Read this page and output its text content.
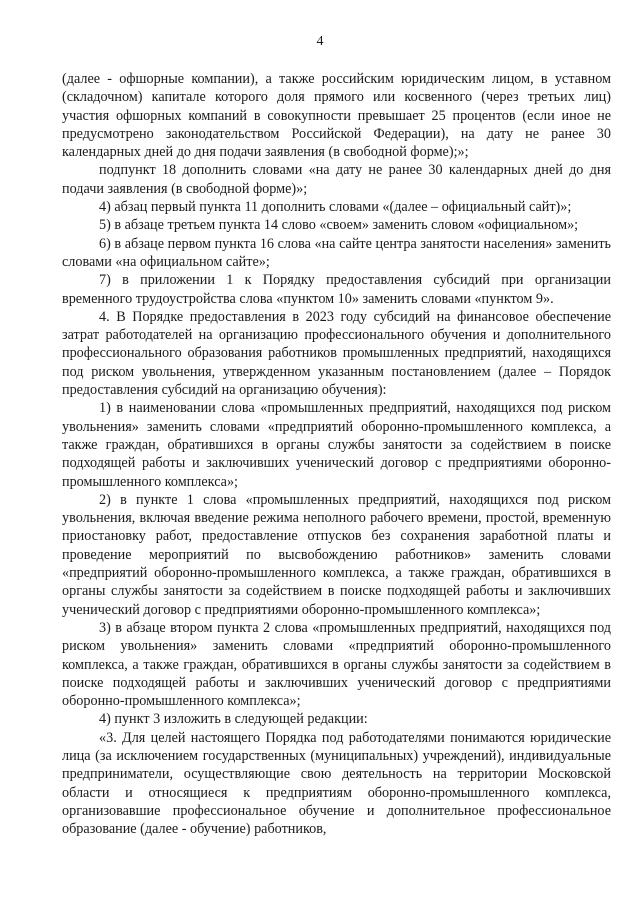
4

(далее - офшорные компании), а также российским юридическим лицом, в уставном (складочном) капитале которого доля прямого или косвенного (через третьих лиц) участия офшорных компаний в совокупности превышает 25 процентов (если иное не предусмотрено законодательством Российской Федерации), на дату не ранее 30 календарных дней до дня подачи заявления (в свободной форме);»;

подпункт 18 дополнить словами «на дату не ранее 30 календарных дней до дня подачи заявления (в свободной форме)»;

4) абзац первый пункта 11 дополнить словами «(далее – официальный сайт)»;

5) в абзаце третьем пункта 14 слово «своем» заменить словом «официальном»;

6) в абзаце первом пункта 16 слова «на сайте центра занятости населения» заменить словами «на официальном сайте»;

7) в приложении 1 к Порядку предоставления субсидий при организации временного трудоустройства слова «пунктом 10» заменить словами «пунктом 9».

4. В Порядке предоставления в 2023 году субсидий на финансовое обеспечение затрат работодателей на организацию профессионального обучения и дополнительного профессионального образования работников промышленных предприятий, находящихся под риском увольнения, утвержденном указанным постановлением (далее – Порядок предоставления субсидий на организацию обучения):

1) в наименовании слова «промышленных предприятий, находящихся под риском увольнения» заменить словами «предприятий оборонно-промышленного комплекса, а также граждан, обратившихся в органы службы занятости за содействием в поиске подходящей работы и заключивших ученический договор с предприятиями оборонно-промышленного комплекса»;

2) в пункте 1 слова «промышленных предприятий, находящихся под риском увольнения, включая введение режима неполного рабочего времени, простой, временную приостановку работ, предоставление отпусков без сохранения заработной платы и проведение мероприятий по высвобождению работников» заменить словами «предприятий оборонно-промышленного комплекса, а также граждан, обратившихся в органы службы занятости за содействием в поиске подходящей работы и заключивших ученический договор с предприятиями оборонно-промышленного комплекса»;

3) в абзаце втором пункта 2 слова «промышленных предприятий, находящихся под риском увольнения» заменить словами «предприятий оборонно-промышленного комплекса, а также граждан, обратившихся в органы службы занятости за содействием в поиске подходящей работы и заключивших ученический договор с предприятиями оборонно-промышленного комплекса»;

4) пункт 3 изложить в следующей редакции:

«3. Для целей настоящего Порядка под работодателями понимаются юридические лица (за исключением государственных (муниципальных) учреждений), индивидуальные предприниматели, осуществляющие свою деятельность на территории Московской области и относящиеся к предприятиям оборонно-промышленного комплекса, организовавшие профессиональное обучение и дополнительное профессиональное образование (далее - обучение) работников,
